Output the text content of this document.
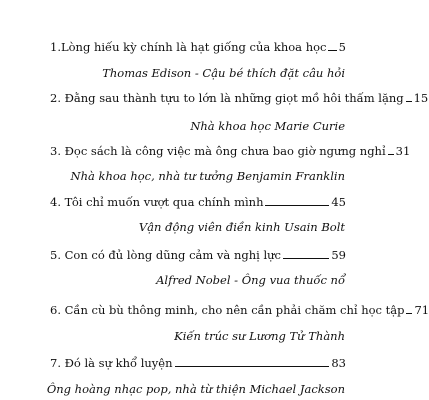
1.Lòng hiếu kỳ chính là hạt giống của khoa học 5
Thomas Edison - Cậu bé thích đặt câu hỏi
2. Đằng sau thành tựu to lớn là những giọt mồ hôi thấm lặng 15
Nhà khoa học Marie Curie
3. Đọc sách là công việc mà ông chưa bao giờ ngưng nghỉ 31
Nhà khoa học, nhà tư tưởng Benjamin Franklin
4. Tôi chỉ muốn vượt qua chính mình	45
Vận động viên điền kinh Usain Bolt
5. Con có đủ lòng dũng cảm và nghị lực	59
Alfred Nobel - Ông vua thuốc nổ
6. Cần cù bù thông minh, cho nên cần phải chăm chỉ học tập 71
Kiến trúc sư Lương Tử Thành
7. Đó là sự khổ luyện	83
Ông hoàng nhạc pop, nhà từ thiện Michael Jackson
